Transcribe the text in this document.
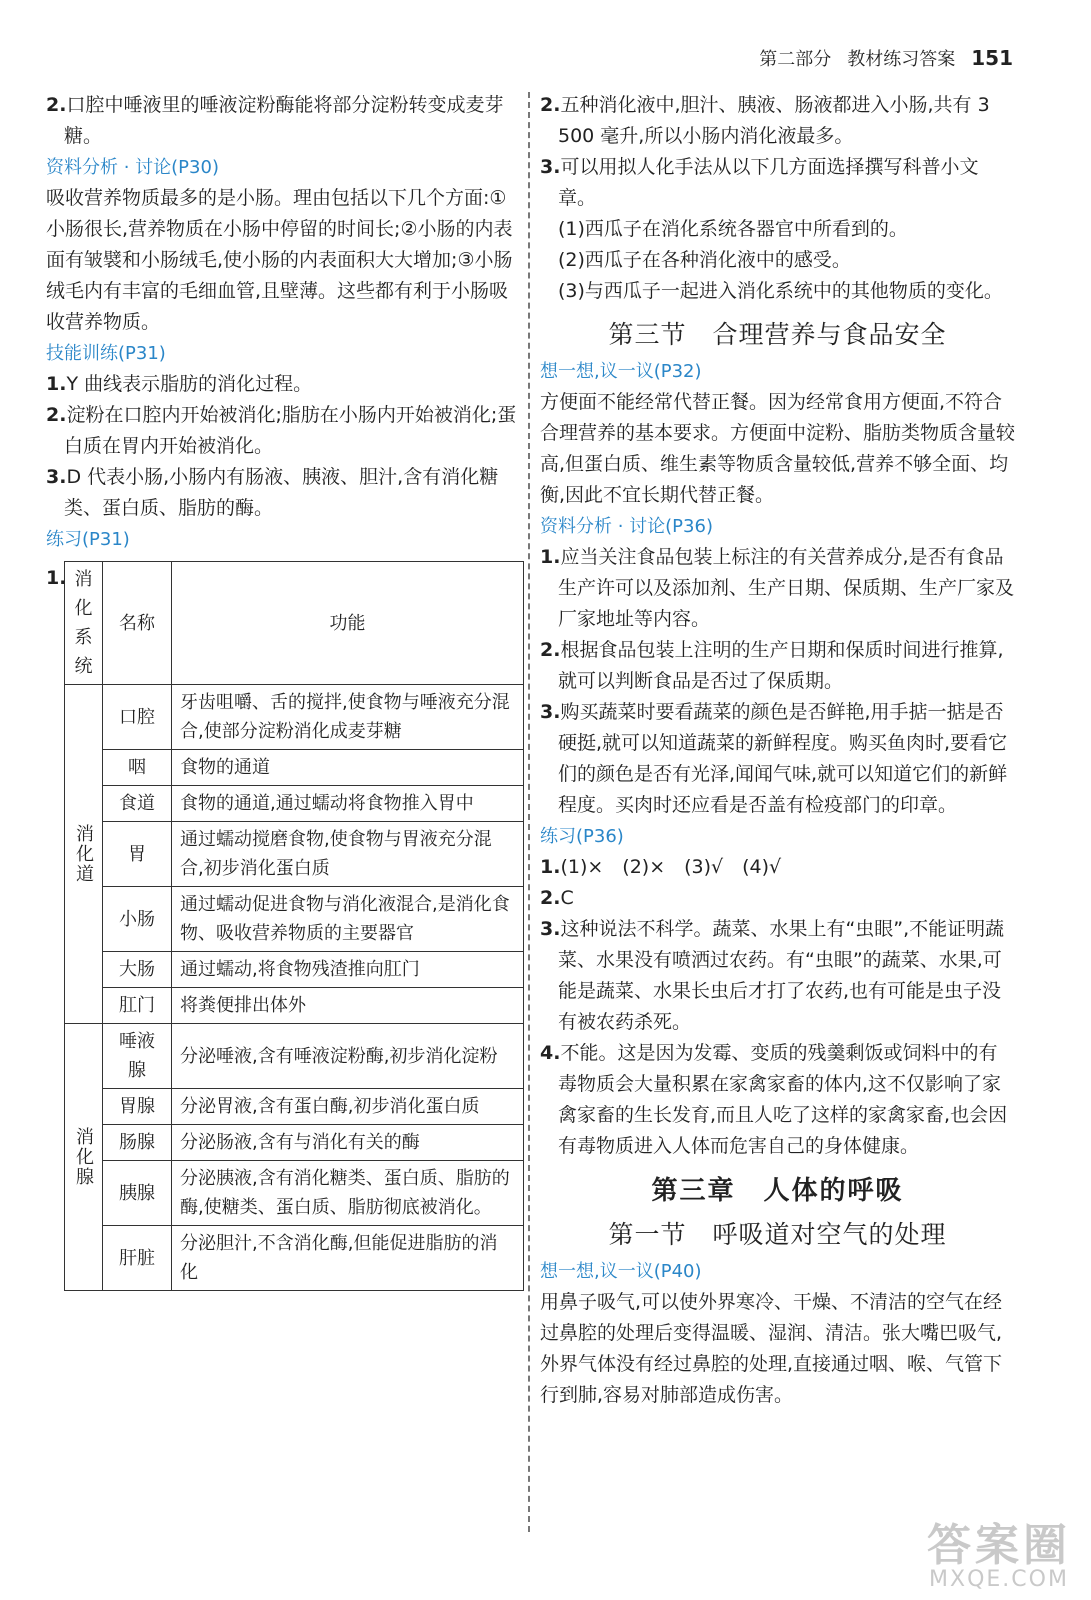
第二部分 教材练习答案 151

2.口腔中唾液里的唾液淀粉酶能将部分淀粉转变成麦芽糖。

资料分析 · 讨论(P30)

吸收营养物质最多的是小肠。理由包括以下几个方面:①小肠很长,营养物质在小肠中停留的时间长;②小肠的内表面有皱襞和小肠绒毛,使小肠的内表面积大大增加;③小肠绒毛内有丰富的毛细血管,且壁薄。这些都有利于小肠吸收营养物质。

技能训练(P31)

1.Y 曲线表示脂肪的消化过程。

2.淀粉在口腔内开始被消化;脂肪在小肠内开始被消化;蛋白质在胃内开始被消化。

3.D 代表小肠,小肠内有肠液、胰液、胆汁,含有消化糖类、蛋白质、脂肪的酶。

练习(P31)

1. 消化系统	名称	功能

消化道	口腔	牙齿咀嚼、舌的搅拌,使食物与唾液充分混合,使部分淀粉消化成麦芽糖
	咽	食物的通道
	食道	食物的通道,通过蠕动将食物推入胃中
	胃	通过蠕动搅磨食物,使食物与胃液充分混合,初步消化蛋白质
	小肠	通过蠕动促进食物与消化液混合,是消化食物、吸收营养物质的主要器官
	大肠	通过蠕动,将食物残渣推向肛门
	肛门	将粪便排出体外

消化腺	唾液腺	分泌唾液,含有唾液淀粉酶,初步消化淀粉
	胃腺	分泌胃液,含有蛋白酶,初步消化蛋白质
	肠腺	分泌肠液,含有与消化有关的酶
	胰腺	分泌胰液,含有消化糖类、蛋白质、脂肪的酶,使糖类、蛋白质、脂肪彻底被消化。
	肝脏	分泌胆汁,不含消化酶,但能促进脂肪的消化

2.五种消化液中,胆汁、胰液、肠液都进入小肠,共有 3 500 毫升,所以小肠内消化液最多。

3.可以用拟人化手法从以下几方面选择撰写科普小文章。

(1)西瓜子在消化系统各器官中所看到的。

(2)西瓜子在各种消化液中的感受。

(3)与西瓜子一起进入消化系统中的其他物质的变化。

第三节　合理营养与食品安全

想一想,议一议(P32)

方便面不能经常代替正餐。因为经常食用方便面,不符合合理营养的基本要求。方便面中淀粉、脂肪类物质含量较高,但蛋白质、维生素等物质含量较低,营养不够全面、均衡,因此不宜长期代替正餐。

资料分析 · 讨论(P36)

1.应当关注食品包装上标注的有关营养成分,是否有食品生产许可以及添加剂、生产日期、保质期、生产厂家及厂家地址等内容。

2.根据食品包装上注明的生产日期和保质时间进行推算,就可以判断食品是否过了保质期。

3.购买蔬菜时要看蔬菜的颜色是否鲜艳,用手掂一掂是否硬挺,就可以知道蔬菜的新鲜程度。购买鱼肉时,要看它们的颜色是否有光泽,闻闻气味,就可以知道它们的新鲜程度。买肉时还应看是否盖有检疫部门的印章。

练习(P36)

1.(1)×　(2)×　(3)√　(4)√

2.C

3.这种说法不科学。蔬菜、水果上有“虫眼”,不能证明蔬菜、水果没有喷洒过农药。有“虫眼”的蔬菜、水果,可能是蔬菜、水果长虫后才打了农药,也有可能是虫子没有被农药杀死。

4.不能。这是因为发霉、变质的残羹剩饭或饲料中的有毒物质会大量积累在家禽家畜的体内,这不仅影响了家禽家畜的生长发育,而且人吃了这样的家禽家畜,也会因有毒物质进入人体而危害自己的身体健康。

第三章　人体的呼吸

第一节　呼吸道对空气的处理

想一想,议一议(P40)

用鼻子吸气,可以使外界寒冷、干燥、不清洁的空气在经过鼻腔的处理后变得温暖、湿润、清洁。张大嘴巴吸气,外界气体没有经过鼻腔的处理,直接通过咽、喉、气管下行到肺,容易对肺部造成伤害。

答案圈
MXQE.COM
